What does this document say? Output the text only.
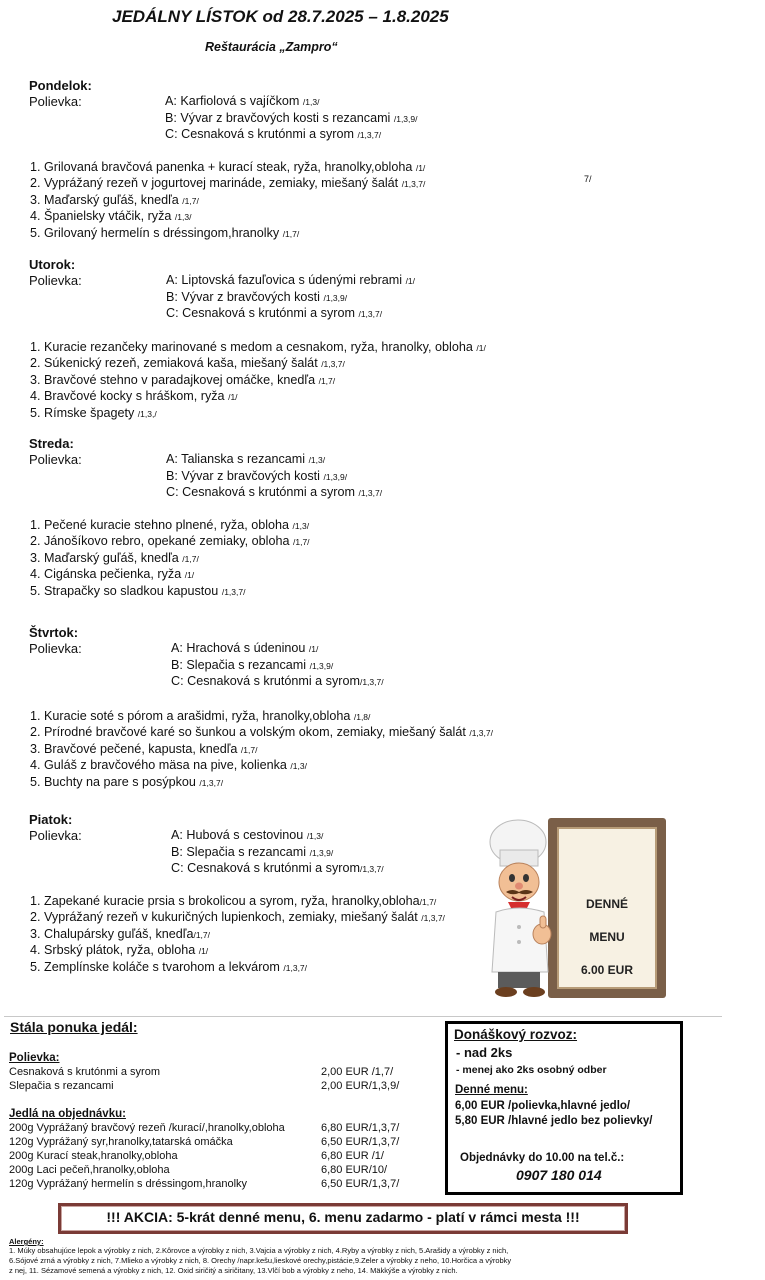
JEDÁLNY LÍSTOK od 28.7.2025 – 1.8.2025
Reštaurácia „Zampro“
Pondelok:
Polievka:	A: Karfiolová s vajíčkom /1,3/
B: Vývar z bravčových kosti s rezancami /1,3,9/
C: Cesnaková s krutónmi a syrom /1,3,7/
1. Grilovaná bravčová panenka + kurací steak, ryža, hranolky,obloha /1/
2. Vyprážaný rezeň v jogurtovej marináde, zemiaky, miešaný šalát /1,3,7/
3. Maďarský guľáš, knedľa /1,7/
4. Španielsky vtáčik, ryža /1,3/
5. Grilovaný hermelín s dréssingom,hranolky /1,7/
Utorok:
Polievka:	A: Liptovská fazuľovica s údenými rebrami /1/
B: Vývar z bravčových kosti /1,3,9/
C: Cesnaková s krutónmi a syrom /1,3,7/
1. Kuracie rezančeky marinované s medom a cesnakom, ryža, hranolky, obloha /1/
2. Súkenický rezeň, zemiaková kaša, miešaný šalát /1,3,7/
3. Bravčové stehno v paradajkovej omáčke, knedľa /1,7/
4. Bravčové kocky s hráškom, ryža /1/
5. Rímske špagety /1,3,/
Streda:
Polievka:	A: Talianska s rezancami /1,3/
B: Vývar z bravčových kosti /1,3,9/
C: Cesnaková s krutónmi a syrom /1,3,7/
1. Pečené kuracie stehno plnené, ryža, obloha /1,3/
2. Jánošíkovo rebro, opekané zemiaky, obloha /1,7/
3. Maďarský guľáš, knedľa /1,7/
4. Cigánska pečienka, ryža /1/
5. Strapačky so sladkou kapustou /1,3,7/
Štvrtok:
Polievka:	A: Hrachová s údeninou /1/
B: Slepačia s rezancami /1,3,9/
C: Cesnaková s krutónmi a syrom/1,3,7/
1. Kuracie soté s pórom a arašidmi, ryža, hranolky,obloha /1,8/
2. Prírodné bravčové karé so šunkou a volským okom, zemiaky, miešaný šalát /1,3,7/
3. Bravčové pečené, kapusta, knedľa /1,7/
4. Guláš z bravčového mäsa na pive, kolienka /1,3/
5. Buchty na pare s posýpkou /1,3,7/
Piatok:
Polievka:	A: Hubová s cestovinou /1,3/
B: Slepačia s rezancami /1,3,9/
C: Cesnaková s krutónmi a syrom/1,3,7/
1. Zapekané kuracie prsia s brokolicou a syrom, ryža, hranolky,obloha/1,7/
2. Vyprážaný rezeň v kukuričných lupienkoch, zemiaky, miešaný šalát /1,3,7/
3. Chalupársky guľáš, knedľa/1,7/
4. Srbský plátok, ryža, obloha /1/
5. Zemplínske koláče s tvarohom a lekvárom /1,3,7/
7/
DENNÉ
MENU
6.00 EUR
Stála ponuka jedál:
Polievka:
Cesnaková s krutónmi a syrom	2,00 EUR /1,7/
Slepačia s rezancami	2,00 EUR/1,3,9/
Jedlá na objednávku:
200g Vyprážaný bravčový rezeň /kurací/,hranolky,obloha	6,80 EUR/1,3,7/
120g Vyprážaný syr,hranolky,tatarská omáčka	6,50 EUR/1,3,7/
200g Kurací steak,hranolky,obloha	6,80 EUR /1/
200g Laci pečeň,hranolky,obloha	6,80 EUR/10/
120g Vyprážaný hermelín s dréssingom,hranolky	6,50 EUR/1,3,7/
Donáškový rozvoz:
- nad 2ks
- menej ako 2ks osobný odber
Denné menu:
6,00 EUR /polievka,hlavné jedlo/
5,80 EUR /hlavné jedlo bez polievky/
Objednávky do 10.00 na tel.č.:
0907 180 014
!!! AKCIA: 5-krát denné menu, 6. menu zadarmo - platí v rámci mesta !!!
Alergény:
1. Múky obsahujúce lepok a výrobky z nich, 2.Kôrovce a výrobky z nich, 3.Vajcia a výrobky z nich, 4.Ryby a výrobky z nich, 5.Arašidy a výrobky z nich,
6.Sójové zrná a výrobky z nich, 7.Mlieko a výrobky z nich, 8. Orechy /napr.kešu,lieskové orechy,pistácie,9.Zeler a výrobky z neho, 10.Horčica a výrobky
z nej, 11. Sézamové semená a výrobky z nich, 12. Oxid siričitý a siričitany, 13.Vlčí bob a výrobky z neho, 14. Mäkkýše a výrobky z nich.
